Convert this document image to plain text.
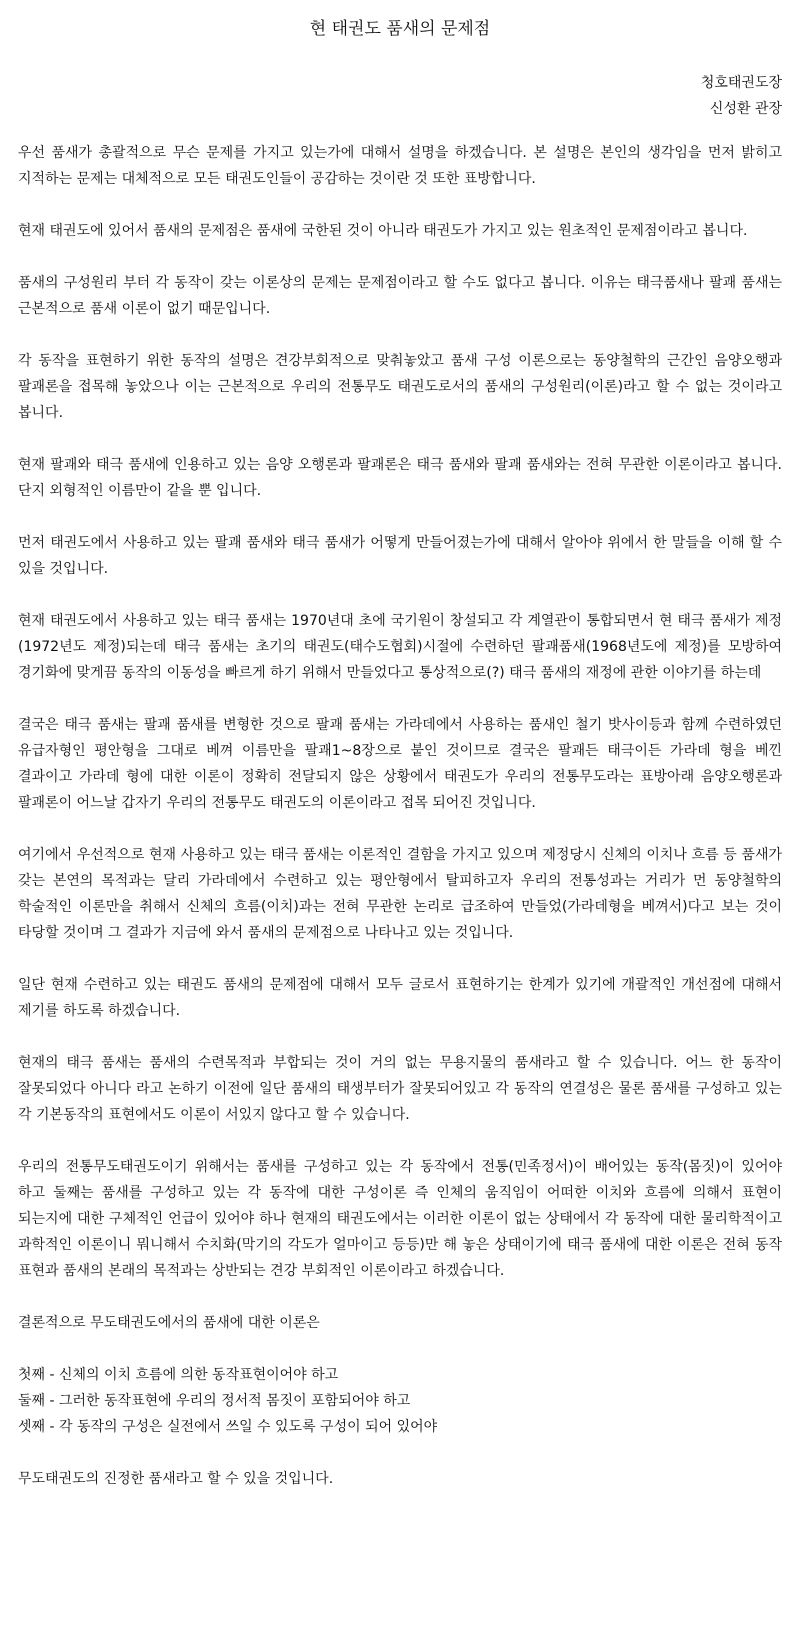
현 태권도 품새의 문제점
청호태권도장
신성환 관장

우선 품새가 총괄적으로 무슨 문제를 가지고 있는가에 대해서 설명을 하겠습니다. 본 설명은 본인의 생각임을 먼저 밝히고 지적하는 문제는 대체적으로 모든 태권도인들이 공감하는 것이란 것 또한 표방합니다.

현재 태권도에 있어서 품새의 문제점은 품새에 국한된 것이 아니라 태권도가 가지고 있는 원초적인 문제점이라고 봅니다.

품새의 구성원리 부터 각 동작이 갖는 이론상의 문제는 문제점이라고 할 수도 없다고 봅니다. 이유는 태극품새나 팔괘 품새는 근본적으로 품새 이론이 없기 때문입니다.

각 동작을 표현하기 위한 동작의 설명은 견강부회적으로 맞춰놓았고 품새 구성 이론으로는 동양철학의 근간인 음양오행과 팔괘론을 접목해 놓았으나 이는 근본적으로 우리의 전통무도 태권도로서의 품새의 구성원리(이론)라고 할 수 없는 것이라고 봅니다.

현재 팔괘와 태극 품새에 인용하고 있는 음양 오행론과 팔괘론은 태극 품새와 팔괘 품새와는 전혀 무관한 이론이라고 봅니다. 단지 외형적인 이름만이 같을 뿐 입니다.

먼저 태권도에서 사용하고 있는 팔괘 품새와 태극 품새가 어떻게 만들어졌는가에 대해서 알아야 위에서 한 말들을 이해 할 수 있을 것입니다.

현재 태권도에서 사용하고 있는 태극 품새는 1970년대 초에 국기원이 창설되고 각 계열관이 통합되면서 현 태극 품새가 제정(1972년도 제정)되는데 태극 품새는 초기의 태권도(태수도협회)시절에 수련하던 팔괘품새(1968년도에 제정)를 모방하여 경기화에 맞게끔 동작의 이동성을 빠르게 하기 위해서 만들었다고 통상적으로(?) 태극 품새의 재정에 관한 이야기를 하는데

결국은 태극 품새는 팔괘 품새를 변형한 것으로 팔괘 품새는 가라데에서 사용하는 품새인 철기 밧사이등과 함께 수련하였던 유급자형인 평안형을 그대로 베껴 이름만을 팔괘1~8장으로 붙인 것이므로 결국은 팔괘든 태극이든 가라데 형을 베낀 결과이고 가라데 형에 대한 이론이 정확히 전달되지 않은 상황에서 태권도가 우리의 전통무도라는 표방아래 음양오행론과 팔괘론이 어느날 갑자기 우리의 전통무도 태권도의 이론이라고 접목 되어진 것입니다.

여기에서 우선적으로 현재 사용하고 있는 태극 품새는 이론적인 결함을 가지고 있으며 제정당시 신체의 이치나 흐름 등 품새가 갖는 본연의 목적과는 달리 가라데에서 수련하고 있는 평안형에서 탈피하고자 우리의 전통성과는 거리가 먼 동양철학의 학술적인 이론만을 취해서 신체의 흐름(이치)과는 전혀 무관한 논리로 급조하여 만들었(가라데형을 베껴서)다고 보는 것이 타당할 것이며 그 결과가 지금에 와서 품새의 문제점으로 나타나고 있는 것입니다.

일단 현재 수련하고 있는 태권도 품새의 문제점에 대해서 모두 글로서 표현하기는 한계가 있기에 개괄적인 개선점에 대해서 제기를 하도록 하겠습니다.

현재의 태극 품새는 품새의 수련목적과 부합되는 것이 거의 없는 무용지물의 품새라고 할 수 있습니다. 어느 한 동작이 잘못되었다 아니다 라고 논하기 이전에 일단 품새의 태생부터가 잘못되어있고 각 동작의 연결성은 물론 품새를 구성하고 있는 각 기본동작의 표현에서도 이론이 서있지 않다고 할 수 있습니다.

우리의 전통무도태권도이기 위해서는 품새를 구성하고 있는 각 동작에서 전통(민족정서)이 배어있는 동작(몸짓)이 있어야 하고 둘째는 품새를 구성하고 있는 각 동작에 대한 구성이론 즉 인체의 움직임이 어떠한 이치와 흐름에 의해서 표현이 되는지에 대한 구체적인 언급이 있어야 하나 현재의 태권도에서는 이러한 이론이 없는 상태에서 각 동작에 대한 물리학적이고 과학적인 이론이니 뭐니해서 수치화(막기의 각도가 얼마이고 등등)만 해 놓은 상태이기에 태극 품새에 대한 이론은 전혀 동작 표현과 품새의 본래의 목적과는 상반되는 견강 부회적인 이론이라고 하겠습니다.

결론적으로 무도태권도에서의 품새에 대한 이론은

첫째 - 신체의 이치 흐름에 의한 동작표현이어야 하고
둘째 - 그러한 동작표현에 우리의 정서적 몸짓이 포함되어야 하고
셋째 - 각 동작의 구성은 실전에서 쓰일 수 있도록 구성이 되어 있어야

무도태권도의 진정한 품새라고 할 수 있을 것입니다.
